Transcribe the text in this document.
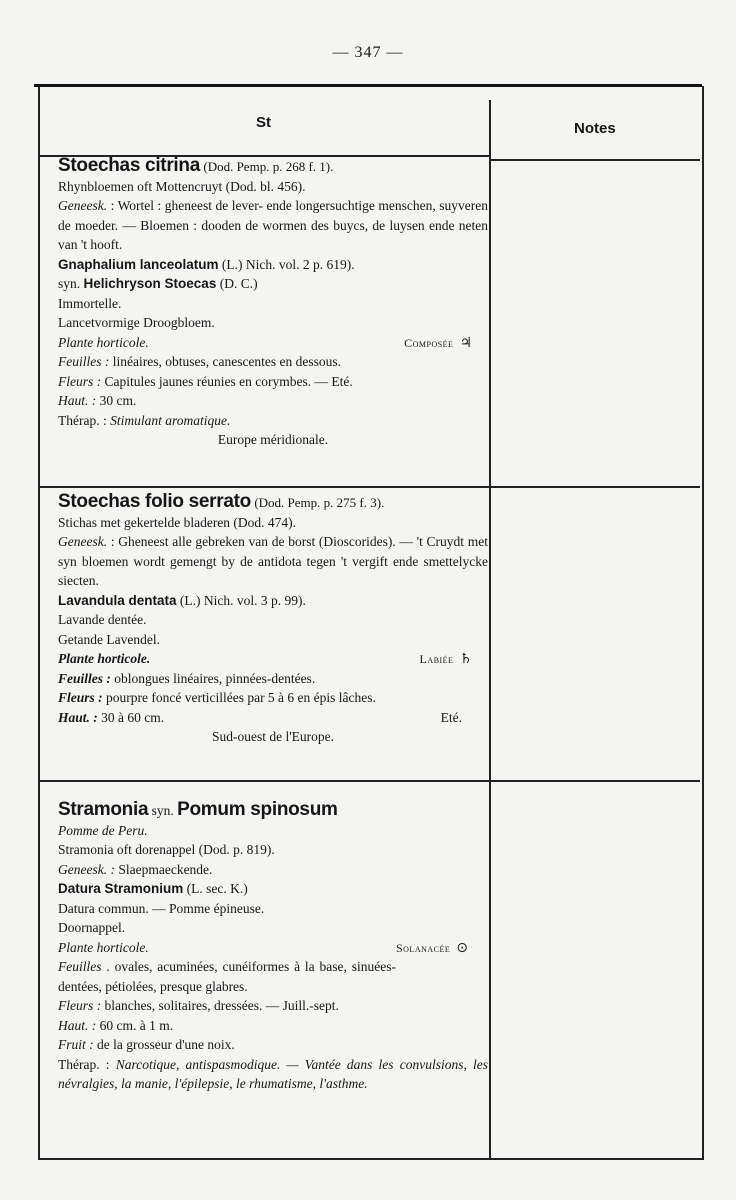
— 347 —
St	Notes
Stoechas citrina (Dod. Pemp. p. 268 f. 1).
Rhynbloemen oft Mottencruyt (Dod. bl. 456).
Geneesk. : Wortel : gheneest de lever- ende longersuchtige menschen, suyveren de moeder. — Bloemen : dooden de wormen des buycs, de luysen ende neten van 't hooft.
Gnaphalium lanceolatum (L.) Nich. vol. 2 p. 619).
syn. Helichryson Stoecas (D. C.)
Immortelle.
Lancetvormige Droogbloem.
Plante horticole.	Composée ♃
Feuilles : linéaires, obtuses, canescentes en dessous.
Fleurs : Capitules jaunes réunies en corymbes. — Eté.
Haut. : 30 cm.
Thérap. : Stimulant aromatique.
Europe méridionale.
Stoechas folio serrato (Dod. Pemp. p. 275 f. 3).
Stichas met gekerteldе bladeren (Dod. 474).
Geneesk. : Gheneest alle gebreken van de borst (Dioscorides). — 't Cruydt met syn bloemen wordt gemengt by de antidota tegen 't vergift ende smettelycke siecten.
Lavandula dentata (L.) Nich. vol. 3 p. 99).
Lavande dentée.
Getande Lavendel.
Plante horticole.	Labiée ♄
Feuilles : oblongues linéaires, pinnées-dentées.
Fleurs : pourpre foncé verticillées par 5 à 6 en épis lâches.
Haut. : 30 à 60 cm.	Eté.
Sud-ouest de l'Europe.
Stramonia syn. Pomum spinosum
Pomme de Peru.
Stramonia oft dorenappel (Dod. p. 819).
Geneesk. : Slaepmaeckende.
Datura Stramonium (L. sec. K.)
Datura commun. — Pomme épineuse.
Doornappel.
Plante horticole.	Solanacée ⊙
Feuilles . ovales, acuminées, cunéiformes à la base, sinuées-dentées, pétiolées, presque glabres.
Fleurs : blanches, solitaires, dressées. — Juill.-sept.
Haut. : 60 cm. à 1 m.
Fruit : de la grosseur d'une noix.
Thérap. : Narcotique, antispasmodique. — Vantée dans les convulsions, les névralgies, la manie, l'épilepsie, le rhumatisme, l'asthme.
